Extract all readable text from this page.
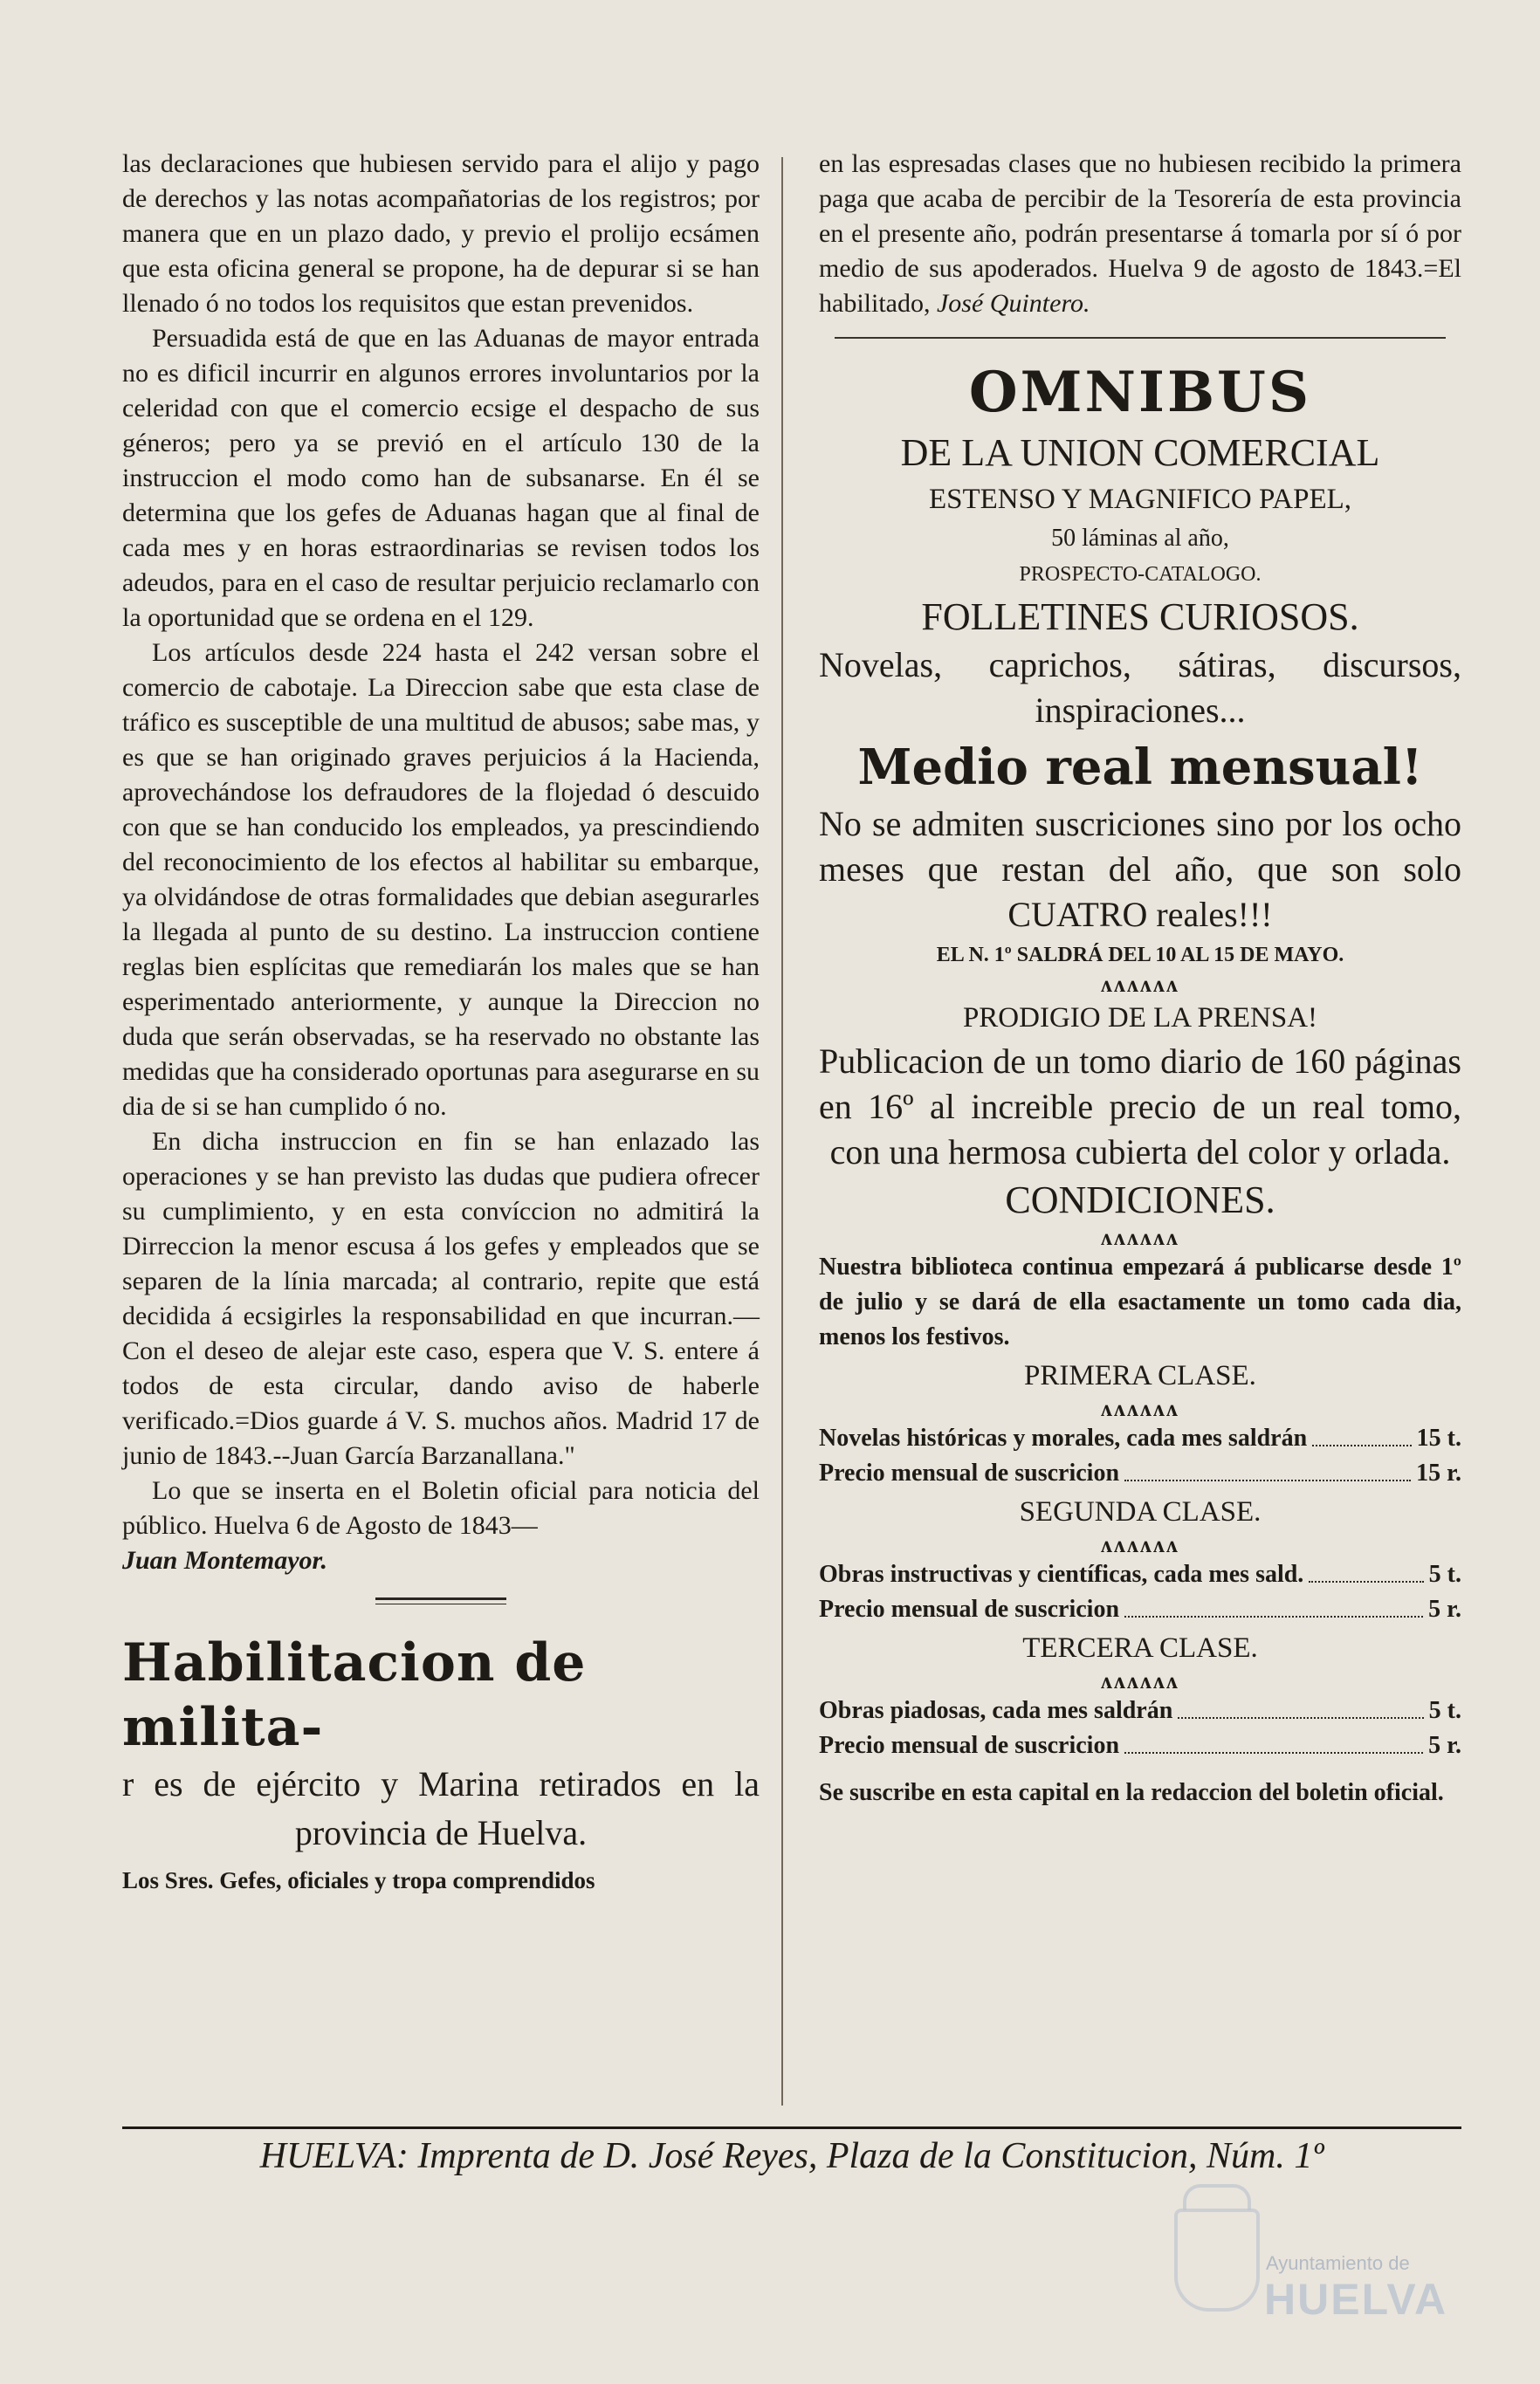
las declaraciones que hubiesen servido para el alijo y pago de derechos y las notas acompañatorias de los registros; por manera que en un plazo dado, y previo el prolijo ecsámen que esta oficina general se propone, ha de depurar si se han llenado ó no todos los requisitos que estan prevenidos.

Persuadida está de que en las Aduanas de mayor entrada no es dificil incurrir en algunos errores involuntarios por la celeridad con que el comercio ecsige el despacho de sus géneros; pero ya se previó en el artículo 130 de la instruccion el modo como han de subsanarse. En él se determina que los gefes de Aduanas hagan que al final de cada mes y en horas estraordinarias se revisen todos los adeudos, para en el caso de resultar perjuicio reclamarlo con la oportunidad que se ordena en el 129.

Los artículos desde 224 hasta el 242 versan sobre el comercio de cabotaje. La Direccion sabe que esta clase de tráfico es susceptible de una multitud de abusos; sabe mas, y es que se han originado graves perjuicios á la Hacienda, aprovechándose los defraudores de la flojedad ó descuido con que se han conducido los empleados, ya prescindiendo del reconocimiento de los efectos al habilitar su embarque, ya olvidándose de otras formalidades que debian asegurarles la llegada al punto de su destino. La instruccion contiene reglas bien esplícitas que remediarán los males que se han esperimentado anteriormente, y aunque la Direccion no duda que serán observadas, se ha reservado no obstante las medidas que ha considerado oportunas para asegurarse en su dia de si se han cumplido ó no.

En dicha instruccion en fin se han enlazado las operaciones y se han previsto las dudas que pudiera ofrecer su cumplimiento, y en esta convíccion no admitirá la Dirreccion la menor escusa á los gefes y empleados que se separen de la línia marcada; al contrario, repite que está decidida á ecsigirles la responsabilidad en que incurran.—Con el deseo de alejar este caso, espera que V. S. entere á todos de esta circular, dando aviso de haberle verificado.=Dios guarde á V. S. muchos años. Madrid 17 de junio de 1843.--Juan García Barzanallana."

Lo que se inserta en el Boletin oficial para noticia del público. Huelva 6 de Agosto de 1843—

Juan Montemayor.

Habilitacion de milita-

r es de ejército y Marina retirados en la provincia de Huelva.

Los Sres. Gefes, oficiales y tropa comprendidos

en las espresadas clases que no hubiesen recibido la primera paga que acaba de percibir de la Tesorería de esta provincia en el presente año, podrán presentarse á tomarla por sí ó por medio de sus apoderados. Huelva 9 de agosto de 1843.=El habilitado, José Quintero.

OMNIBUS

DE LA UNION COMERCIAL

ESTENSO Y MAGNIFICO PAPEL,

50 láminas al año,

PROSPECTO-CATALOGO.

FOLLETINES CURIOSOS.

Novelas, caprichos, sátiras, discursos, inspiraciones...

Medio real mensual!

No se admiten suscriciones sino por los ocho meses que restan del año, que son solo CUATRO reales!!!

EL N. 1º SALDRÁ DEL 10 AL 15 DE MAYO.

ʌʌʌʌʌʌ

PRODIGIO DE LA PRENSA!

Publicacion de un tomo diario de 160 páginas en 16º al increible precio de un real tomo, con una hermosa cubierta del color y orlada.

CONDICIONES.

ʌʌʌʌʌʌ

Nuestra biblioteca continua empezará á publicarse desde 1º de julio y se dará de ella esactamente un tomo cada dia, menos los festivos.

PRIMERA CLASE.

ʌʌʌʌʌʌ

Novelas históricas y morales, cada mes saldrán	15 t.
Precio mensual de suscricion	15 r.

SEGUNDA CLASE.

ʌʌʌʌʌʌ

Obras instructivas y científicas, cada mes sald.	5 t.
Precio mensual de suscricion	5 r.

TERCERA CLASE.

ʌʌʌʌʌʌ

Obras piadosas, cada mes saldrán	5 t.
Precio mensual de suscricion	5 r.

Se suscribe en esta capital en la redaccion del boletin oficial.

HUELVA: Imprenta de D. José Reyes, Plaza de la Constitucion, Núm. 1º

Ayuntamiento de
HUELVA
